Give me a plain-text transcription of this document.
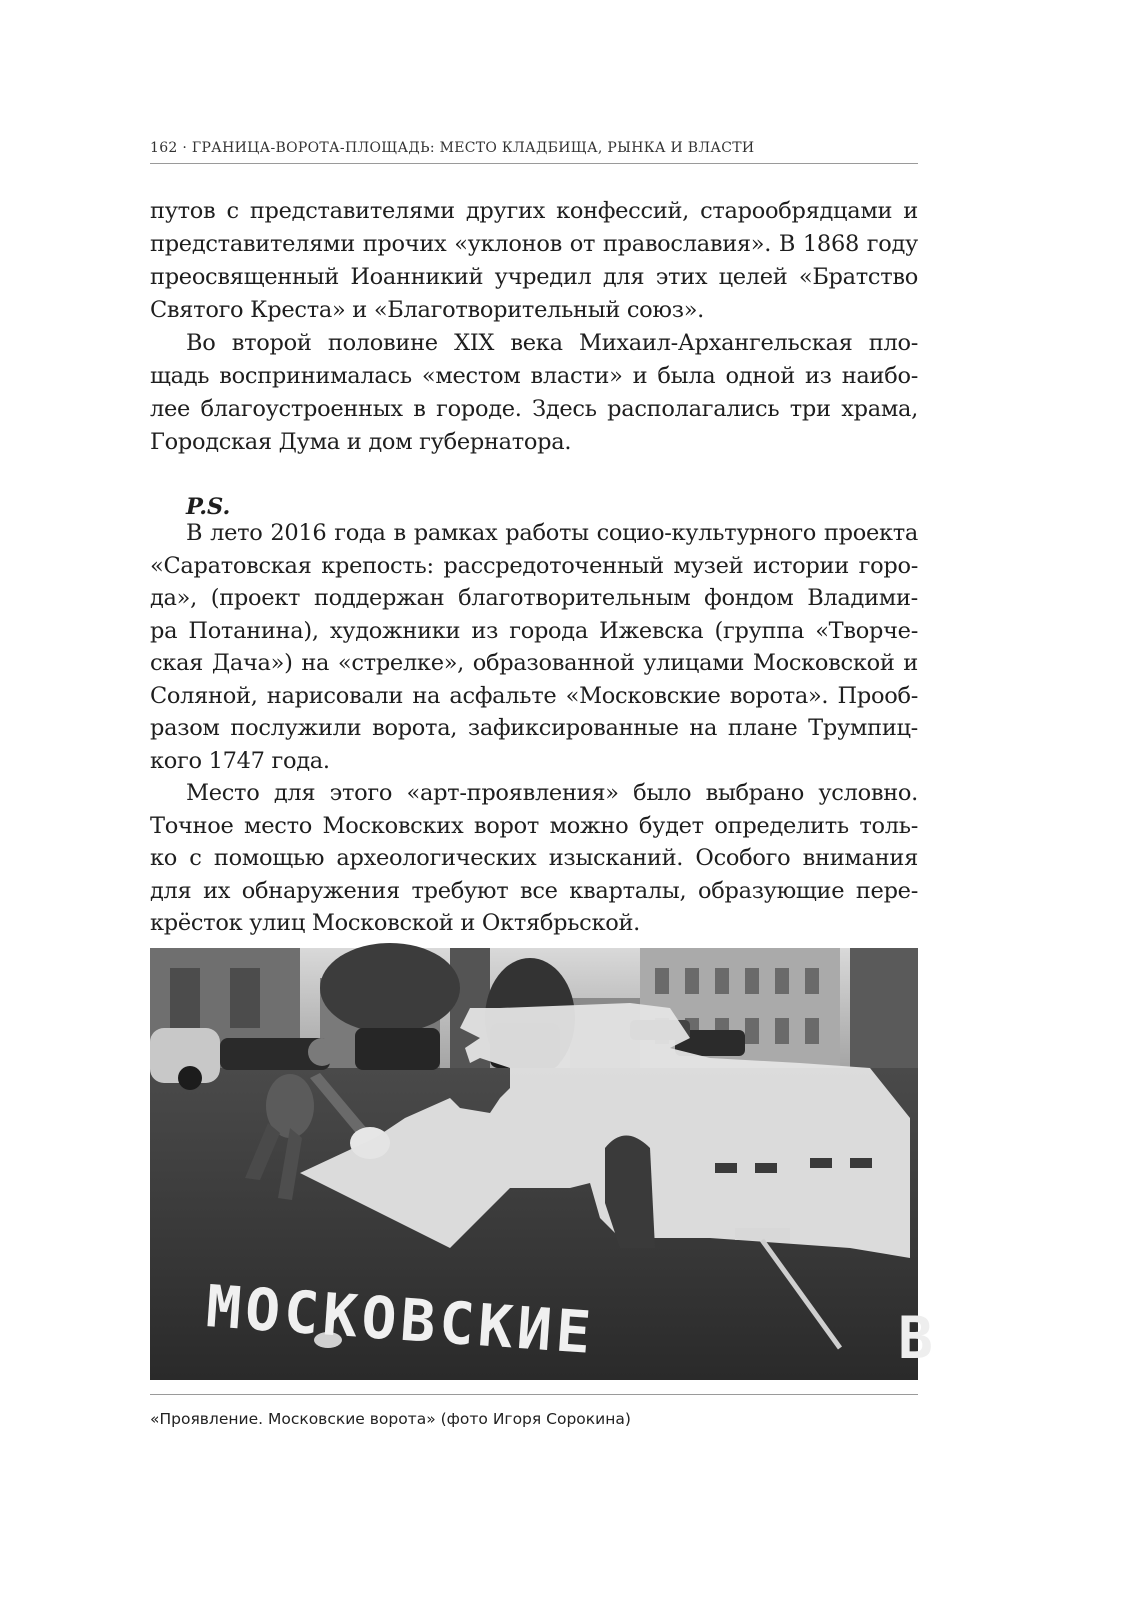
162 · ГРАНИЦА-ВОРОТА-ПЛОЩАДЬ: МЕСТО КЛАДБИЩА, РЫНКА И ВЛАСТИ
путов с представителями других конфессий, старообрядцами и
представителями прочих «уклонов от православия». В 1868 году
преосвященный Иоанникий учредил для этих целей «Братство
Святого Креста» и «Благотворительный союз».
Во второй половине XIX века Михаил-Архангельская пло-
щадь воспринималась «местом власти» и была одной из наибо-
лее благоустроенных в городе. Здесь располагались три храма,
Городская Дума и дом губернатора.
P.S.
В лето 2016 года в рамках работы социо-культурного проекта
«Саратовская крепость: рассредоточенный музей истории горо-
да», (проект поддержан благотворительным фондом Владими-
ра Потанина), художники из города Ижевска (группа «Творче-
ская Дача») на «стрелке», образованной улицами Московской и
Соляной, нарисовали на асфальте «Московские ворота». Прооб-
разом послужили ворота, зафиксированные на плане Трумпиц-
кого 1747 года.
Место для этого «арт-проявления» было выбрано условно.
Точное место Московских ворот можно будет определить толь-
ко с помощью археологических изысканий. Особого внимания
для их обнаружения требуют все кварталы, образующие пере-
крёсток улиц Московской и Октябрьской.
МОСКОВСКИЕ	В
«Проявление. Московские ворота» (фото Игоря Сорокина)
